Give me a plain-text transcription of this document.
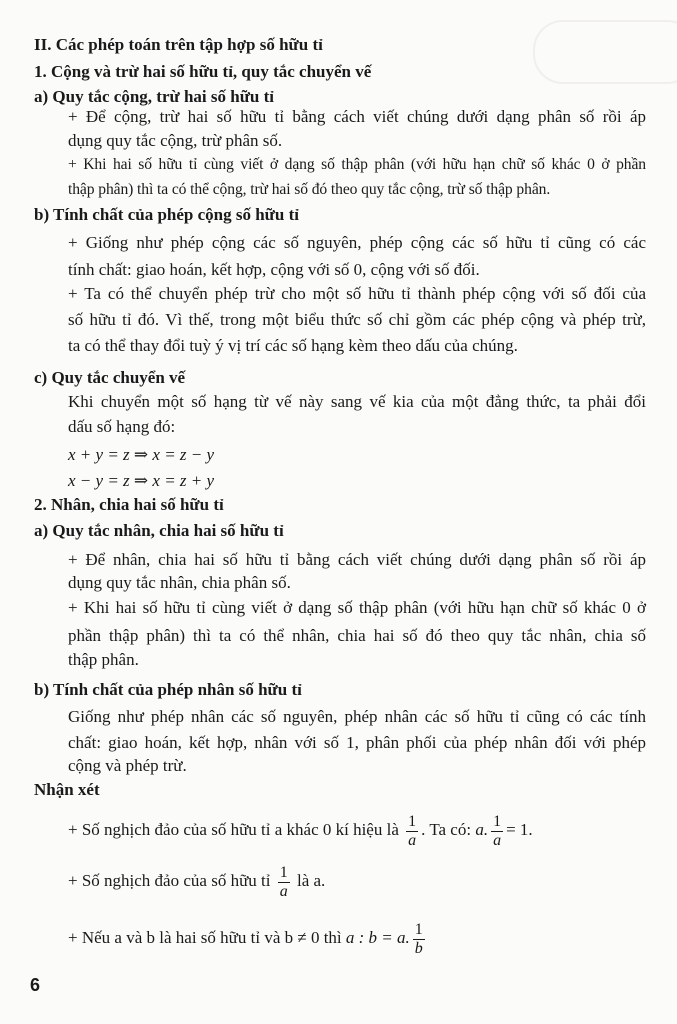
II. Các phép toán trên tập hợp số hữu tỉ
1. Cộng và trừ hai số hữu tỉ, quy tắc chuyển vế
a) Quy tắc cộng, trừ hai số hữu tỉ
+ Để cộng, trừ hai số hữu tỉ bằng cách viết chúng dưới dạng phân số rồi áp
dụng quy tắc cộng, trừ phân số.
+ Khi hai số hữu tỉ cùng viết ở dạng số thập phân (với hữu hạn chữ số khác 0 ở phần
thập phân) thì ta có thể cộng, trừ hai số đó theo quy tắc cộng, trừ số thập phân.
b) Tính chất của phép cộng số hữu tỉ
+ Giống như phép cộng các số nguyên, phép cộng các số hữu tỉ cũng có các
tính chất: giao hoán, kết hợp, cộng với số 0, cộng với số đối.
+ Ta có thể chuyển phép trừ cho một số hữu tỉ thành phép cộng với số đối của
số hữu tỉ đó. Vì thế, trong một biểu thức số chỉ gồm các phép cộng và phép trừ,
ta có thể thay đổi tuỳ ý vị trí các số hạng kèm theo dấu của chúng.
c) Quy tắc chuyển vế
Khi chuyển một số hạng từ vế này sang vế kia của một đẳng thức, ta phải đổi
dấu số hạng đó:
x + y = z ⇒ x = z − y
x − y = z ⇒ x = z + y
2. Nhân, chia hai số hữu tỉ
a) Quy tắc nhân, chia hai số hữu tỉ
+ Để nhân, chia hai số hữu tỉ bằng cách viết chúng dưới dạng phân số rồi áp
dụng quy tắc nhân, chia phân số.
+ Khi hai số hữu tỉ cùng viết ở dạng số thập phân (với hữu hạn chữ số khác 0 ở
phần thập phân) thì ta có thể nhân, chia hai số đó theo quy tắc nhân, chia số
thập phân.
b) Tính chất của phép nhân số hữu tỉ
Giống như phép nhân các số nguyên, phép nhân các số hữu tỉ cũng có các tính
chất: giao hoán, kết hợp, nhân với số 1, phân phối của phép nhân đối với phép
cộng và phép trừ.
Nhận xét
+ Số nghịch đảo của số hữu tỉ a khác 0 kí hiệu là $\frac{1}{a}$ . Ta có: a. $\frac{1}{a} = 1$.
+ Số nghịch đảo của số hữu tỉ $\frac{1}{a}$ là a.
+ Nếu a và b là hai số hữu tỉ và b ≠ 0 thì a : b = a. $\frac{1}{b}$
6
